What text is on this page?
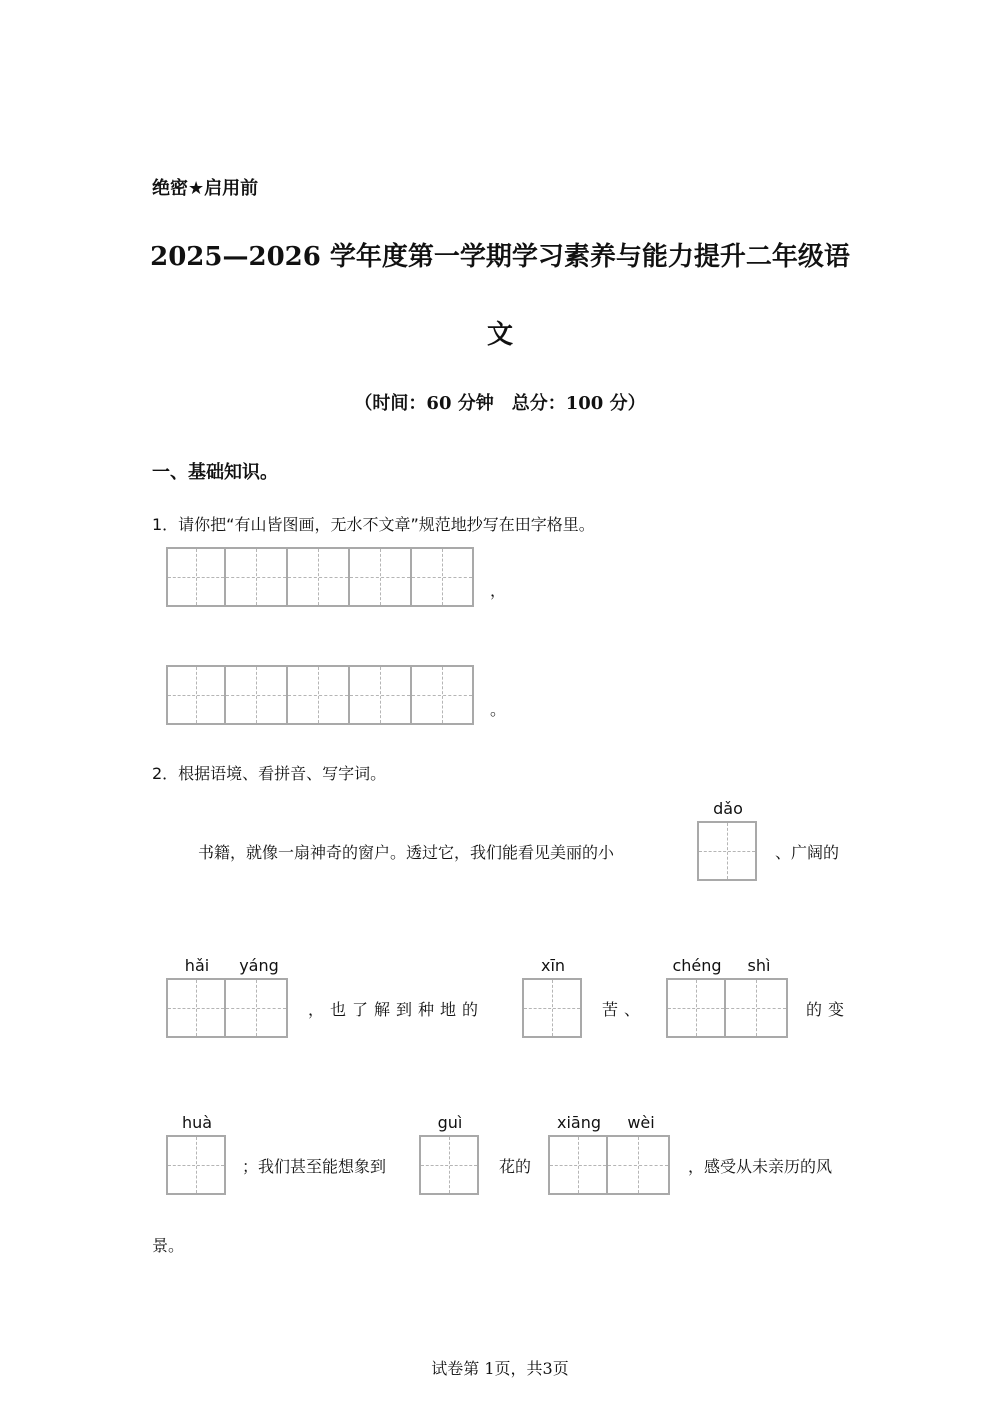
绝密★启用前
2025—2026 学年度第一学期学习素养与能力提升二年级语
文
（时间：60 分钟　总分：100 分）
一、基础知识。
1．请你把“有山皆图画，无水不文章”规范地抄写在田字格里。
，
。
2．根据语境、看拼音、写字词。
书籍，就像一扇神奇的窗户。透过它，我们能看见美丽的小
dǎo
、广阔的
hǎi	yáng
，也了解到种地的
xīn
苦、
chéng	shì
的变
huà
；我们甚至能想象到
guì
花的
xiāng	wèi
，感受从未亲历的风
景。
试卷第 1页，共3页
